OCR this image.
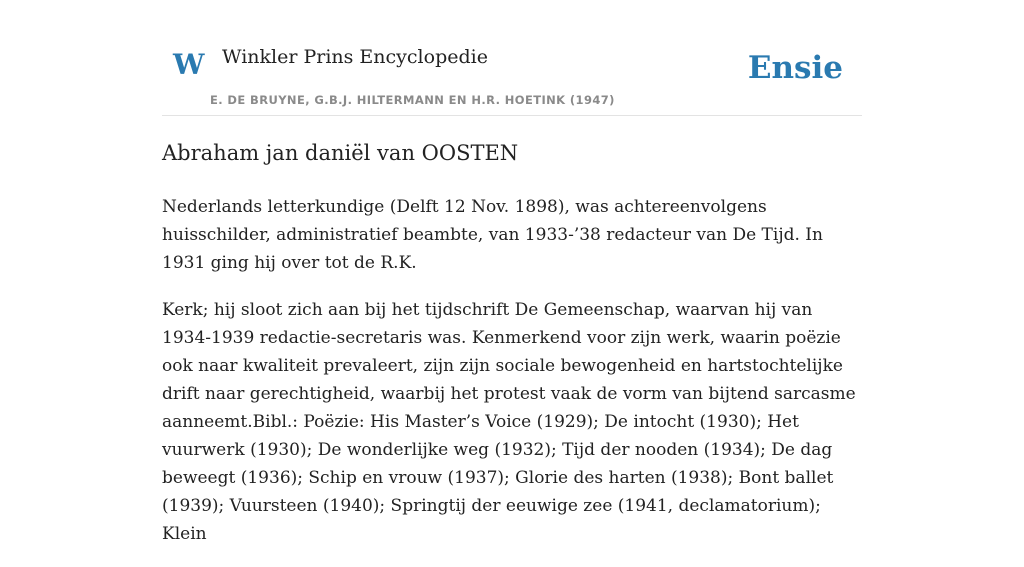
W Winkler Prins Encyclopedie
E. DE BRUYNE, G.B.J. HILTERMANN EN H.R. HOETINK (1947)
Ensie
Abraham jan daniël van OOSTEN

Nederlands letterkundige (Delft 12 Nov. 1898), was achtereenvolgens huisschilder, administratief beambte, van 1933-’38 redacteur van De Tijd. In 1931 ging hij over tot de R.K.

Kerk; hij sloot zich aan bij het tijdschrift De Gemeenschap, waarvan hij van 1934-1939 redactie-secretaris was. Kenmerkend voor zijn werk, waarin poëzie ook naar kwaliteit prevaleert, zijn zijn sociale bewogenheid en hartstochtelijke drift naar gerechtigheid, waarbij het protest vaak de vorm van bijtend sarcasme aanneemt.Bibl.: Poëzie: His Master’s Voice (1929); De intocht (1930); Het vuurwerk (1930); De wonderlijke weg (1932); Tijd der nooden (1934); De dag beweegt (1936); Schip en vrouw (1937); Glorie des harten (1938); Bont ballet (1939); Vuursteen (1940); Springtij der eeuwige zee (1941, declamatorium); Klein
